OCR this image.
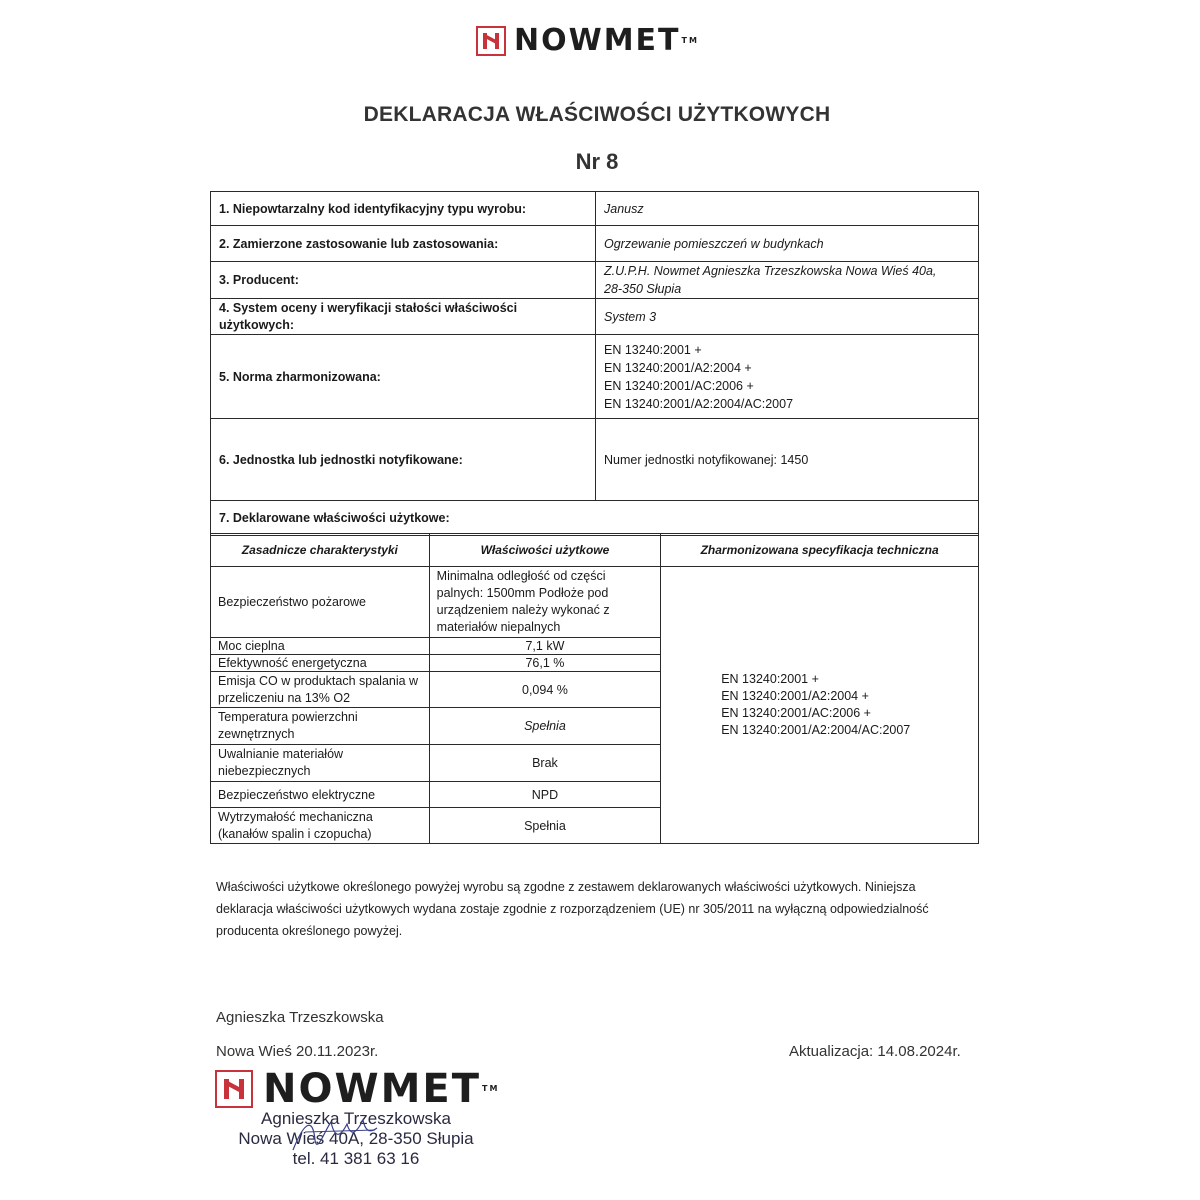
NOWMET™
DEKLARACJA WŁAŚCIWOŚCI UŻYTKOWYCH
Nr 8
1. Niepowtarzalny kod identyfikacyjny typu wyrobu:	Janusz
2. Zamierzone zastosowanie lub zastosowania:	Ogrzewanie pomieszczeń w budynkach
3. Producent:	Z.U.P.H. Nowmet Agnieszka Trzeszkowska Nowa Wieś 40a,
28-350 Słupia
4. System oceny i weryfikacji stałości właściwości użytkowych:	System 3
5. Norma zharmonizowana:	EN 13240:2001 +
EN 13240:2001/A2:2004 +
EN 13240:2001/AC:2006 +
EN 13240:2001/A2:2004/AC:2007
6. Jednostka lub jednostki notyfikowane:	Numer jednostki notyfikowanej: 1450
7. Deklarowane właściwości użytkowe:	
Zasadnicze charakterystyki	Właściwości użytkowe	Zharmonizowana specyfikacja techniczna
Bezpieczeństwo pożarowe	Minimalna odległość od części palnych: 1500mm Podłoże pod urządzeniem należy wykonać z materiałów niepalnych	EN 13240:2001 +
EN 13240:2001/A2:2004 +
EN 13240:2001/AC:2006 +
EN 13240:2001/A2:2004/AC:2007
Moc cieplna	7,1 kW	
Efektywność energetyczna	76,1 %	
Emisja CO w produktach spalania w przeliczeniu na 13% O2	0,094 %	
Temperatura powierzchni zewnętrznych	Spełnia	
Uwalnianie materiałów niebezpiecznych	Brak	
Bezpieczeństwo elektryczne	NPD	
Wytrzymałość mechaniczna (kanałów spalin i czopucha)	Spełnia	
Właściwości użytkowe określonego powyżej wyrobu są zgodne z zestawem deklarowanych właściwości użytkowych. Niniejsza deklaracja właściwości użytkowych wydana zostaje zgodnie z rozporządzeniem (UE) nr 305/2011 na wyłączną odpowiedzialność producenta określonego powyżej.
Agnieszka Trzeszkowska
Nowa Wieś 20.11.2023r.	Aktualizacja: 14.08.2024r.
NOWMET™
Agnieszka Trzeszkowska
Nowa Wieś 40A, 28-350 Słupia
tel. 41 381 63 16
